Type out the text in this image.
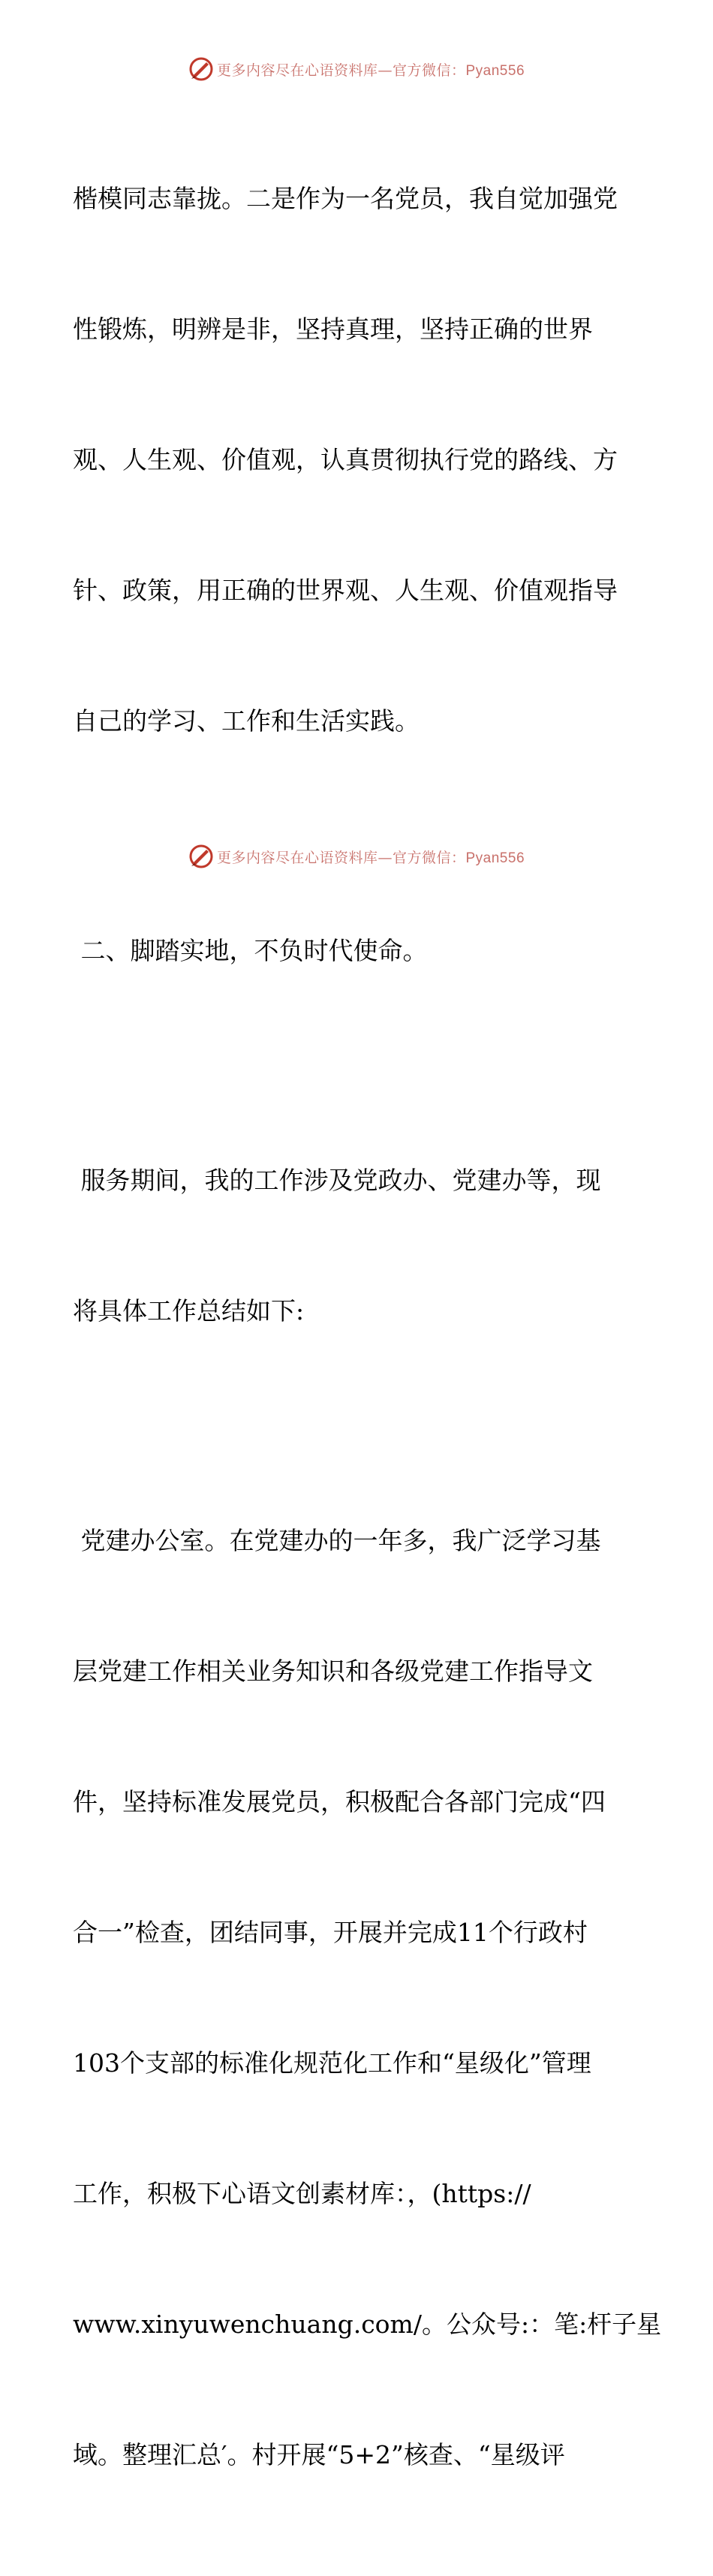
更多内容尽在心语资料库—官方微信：Pyan556

楷模同志靠拢。二是作为一名党员，我自觉加强党

性锻炼，明辨是非，坚持真理，坚持正确的世界

观、人生观、价值观，认真贯彻执行党的路线、方

针、政策，用正确的世界观、人生观、价值观指导

自己的学习、工作和生活实践。

二、脚踏实地，不负时代使命。

服务期间，我的工作涉及党政办、党建办等，现

将具体工作总结如下:

党建办公室。在党建办的一年多，我广泛学习基

层党建工作相关业务知识和各级党建工作指导文

件，坚持标准发展党员，积极配合各部门完成“四

合一”检查，团结同事，开展并完成11个行政村

103个支部的标准化规范化工作和“星级化”管理

工作，积极下心语文创素材库：，(https://

www.xinyuwenchuang.com/。公众号:：笔:杆子星

域。整理汇总′。村开展“5+2”核查、“星级评

更多内容尽在心语资料库—官方微信：Pyan556
